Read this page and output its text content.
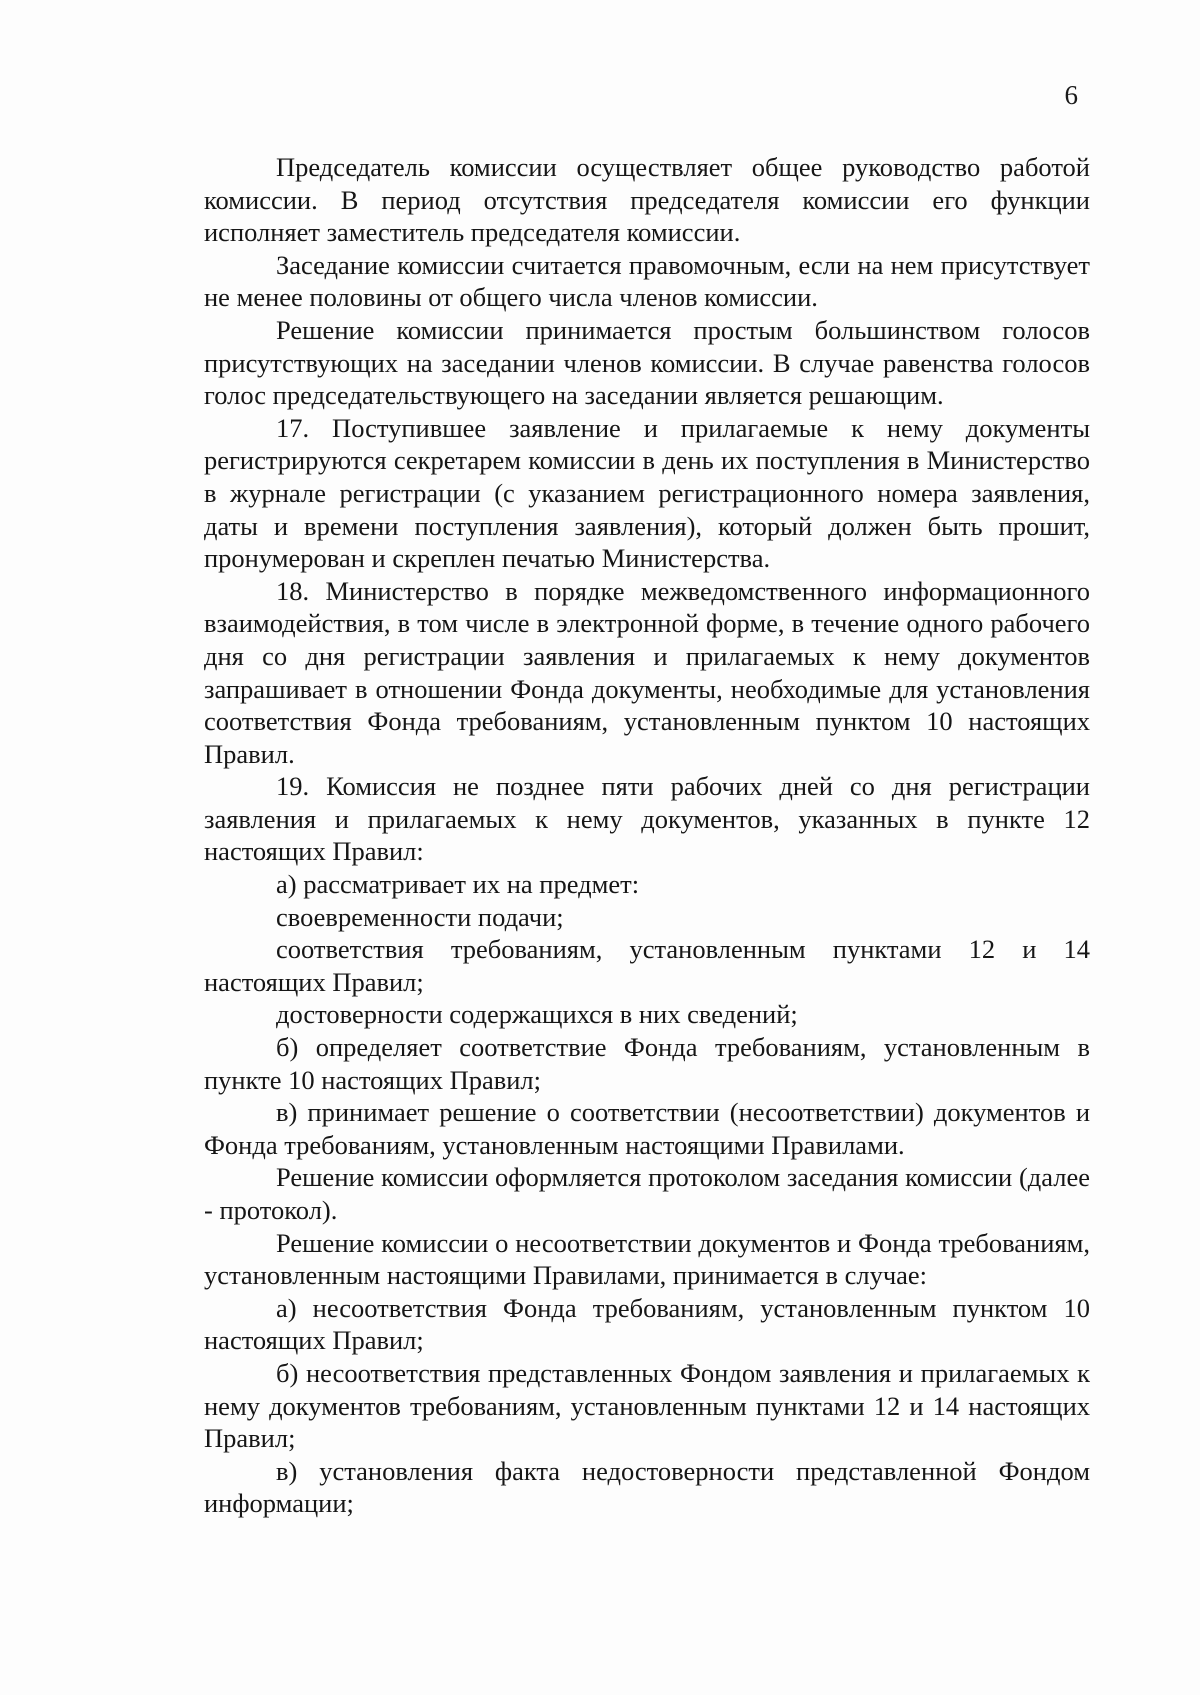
6

Председатель комиссии осуществляет общее руководство работой комиссии. В период отсутствия председателя комиссии его функции исполняет заместитель председателя комиссии.

Заседание комиссии считается правомочным, если на нем присутствует не менее половины от общего числа членов комиссии.

Решение комиссии принимается простым большинством голосов присутствующих на заседании членов комиссии. В случае равенства голосов голос председательствующего на заседании является решающим.

17. Поступившее заявление и прилагаемые к нему документы регистрируются секретарем комиссии в день их поступления в Министерство в журнале регистрации (с указанием регистрационного номера заявления, даты и времени поступления заявления), который должен быть прошит, пронумерован и скреплен печатью Министерства.

18. Министерство в порядке межведомственного информационного взаимодействия, в том числе в электронной форме, в течение одного рабочего дня со дня регистрации заявления и прилагаемых к нему документов запрашивает в отношении Фонда документы, необходимые для установления соответствия Фонда требованиям, установленным пунктом 10 настоящих Правил.

19. Комиссия не позднее пяти рабочих дней со дня регистрации заявления и прилагаемых к нему документов, указанных в пункте 12 настоящих Правил:

а) рассматривает их на предмет:

своевременности подачи;

соответствия требованиям, установленным пунктами 12 и 14 настоящих Правил;

достоверности содержащихся в них сведений;

б) определяет соответствие Фонда требованиям, установленным в пункте 10 настоящих Правил;

в) принимает решение о соответствии (несоответствии) документов и Фонда требованиям, установленным настоящими Правилами.

Решение комиссии оформляется протоколом заседания комиссии (далее - протокол).

Решение комиссии о несоответствии документов и Фонда требованиям, установленным настоящими Правилами, принимается в случае:

а) несоответствия Фонда требованиям, установленным пунктом 10 настоящих Правил;

б) несоответствия представленных Фондом заявления и прилагаемых к нему документов требованиям, установленным пунктами 12 и 14 настоящих Правил;

в) установления факта недостоверности представленной Фондом информации;
